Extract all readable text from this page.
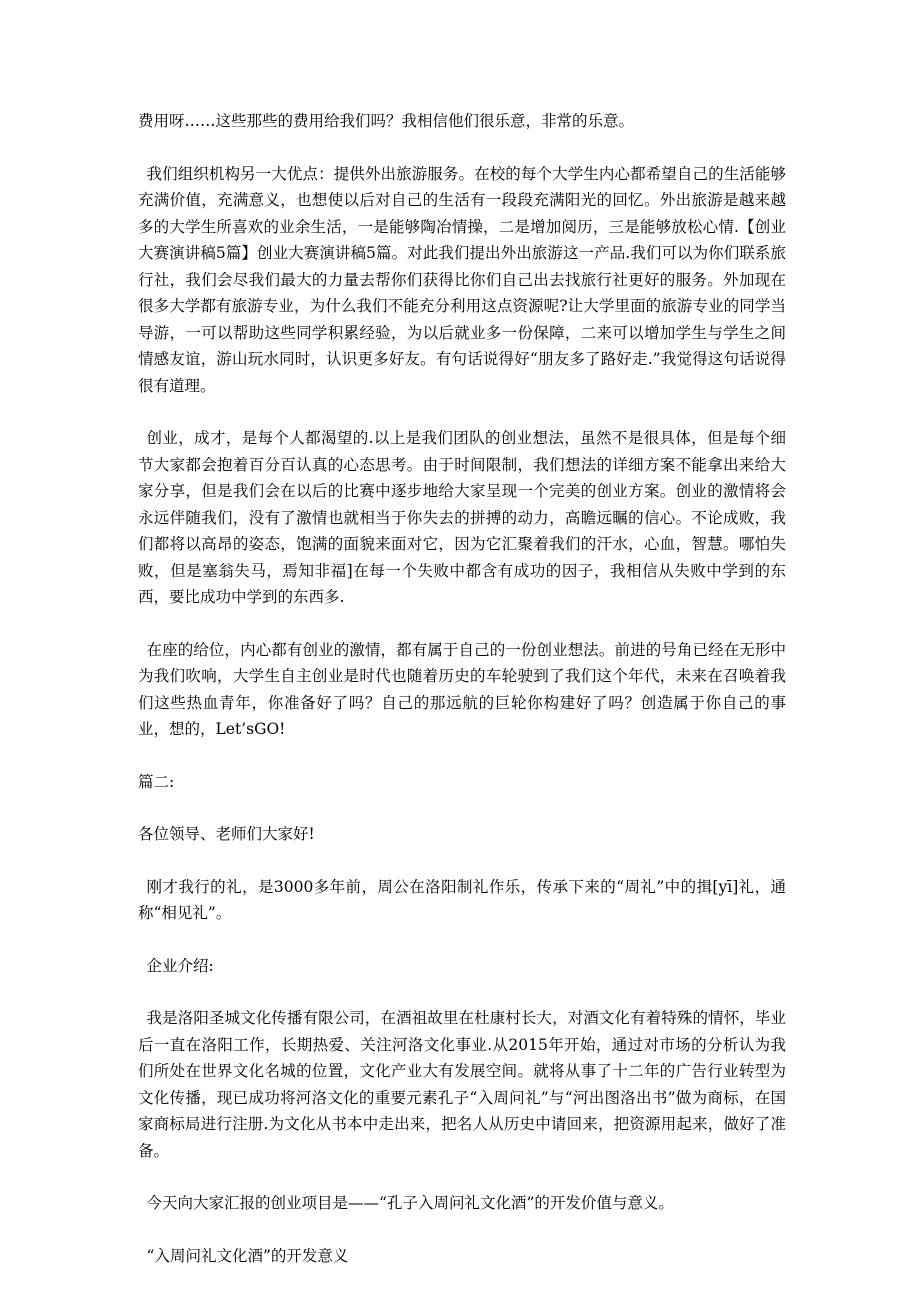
费用呀……这些那些的费用给我们吗？我相信他们很乐意，非常的乐意。

我们组织机构另一大优点：提供外出旅游服务。在校的每个大学生内心都希望自己的生活能够充满价值，充满意义，也想使以后对自己的生活有一段段充满阳光的回忆。外出旅游是越来越多的大学生所喜欢的业余生活，一是能够陶冶情操，二是增加阅历，三是能够放松心情.【创业大赛演讲稿5篇】创业大赛演讲稿5篇。对此我们提出外出旅游这一产品.我们可以为你们联系旅行社，我们会尽我们最大的力量去帮你们获得比你们自己出去找旅行社更好的服务。外加现在很多大学都有旅游专业，为什么我们不能充分利用这点资源呢?让大学里面的旅游专业的同学当导游，一可以帮助这些同学积累经验，为以后就业多一份保障，二来可以增加学生与学生之间情感友谊，游山玩水同时，认识更多好友。有句话说得好“朋友多了路好走.”我觉得这句话说得很有道理。

创业，成才，是每个人都渴望的.以上是我们团队的创业想法，虽然不是很具体，但是每个细节大家都会抱着百分百认真的心态思考。由于时间限制，我们想法的详细方案不能拿出来给大家分享，但是我们会在以后的比赛中逐步地给大家呈现一个完美的创业方案。创业的激情将会永远伴随我们，没有了激情也就相当于你失去的拼搏的动力，高瞻远瞩的信心。不论成败，我们都将以高昂的姿态，饱满的面貌来面对它，因为它汇聚着我们的汗水，心血，智慧。哪怕失败，但是塞翁失马，焉知非福]在每一个失败中都含有成功的因子，我相信从失败中学到的东西，要比成功中学到的东西多.

在座的给位，内心都有创业的激情，都有属于自己的一份创业想法。前进的号角已经在无形中为我们吹响，大学生自主创业是时代也随着历史的车轮驶到了我们这个年代，未来在召唤着我们这些热血青年，你准备好了吗？自己的那远航的巨轮你构建好了吗？创造属于你自己的事业，想的，Let’sGO!

篇二:

各位领导、老师们大家好!

刚才我行的礼，是3000多年前，周公在洛阳制礼作乐，传承下来的“周礼”中的揖[yī]礼，通称“相见礼”。

企业介绍:

我是洛阳圣城文化传播有限公司，在酒祖故里在杜康村长大，对酒文化有着特殊的情怀，毕业后一直在洛阳工作，长期热爱、关注河洛文化事业.从2015年开始，通过对市场的分析认为我们所处在世界文化名城的位置，文化产业大有发展空间。就将从事了十二年的广告行业转型为文化传播，现已成功将河洛文化的重要元素孔子“入周问礼”与“河出图洛出书”做为商标，在国家商标局进行注册.为文化从书本中走出来，把名人从历史中请回来，把资源用起来，做好了准备。

今天向大家汇报的创业项目是——“孔子入周问礼文化酒”的开发价值与意义。

“入周问礼文化酒”的开发意义
